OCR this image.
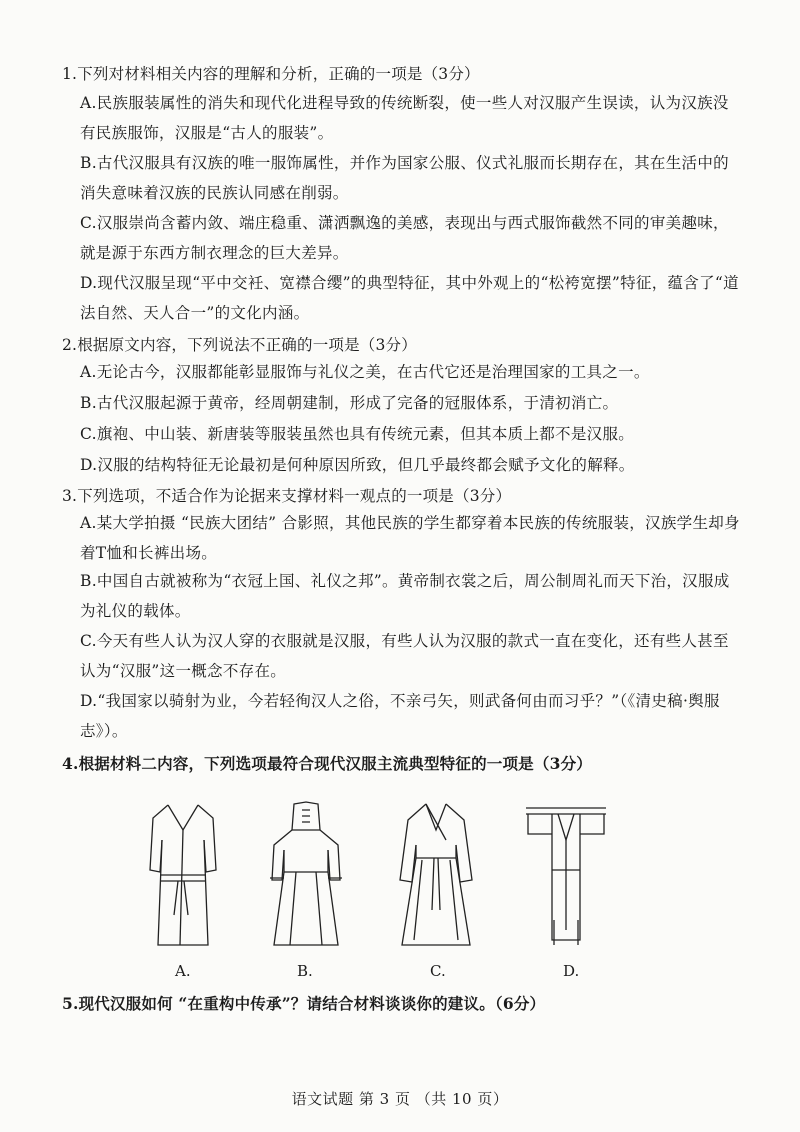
1.下列对材料相关内容的理解和分析，正确的一项是（3分）
A.民族服装属性的消失和现代化进程导致的传统断裂，使一些人对汉服产生误读，认为汉族没有民族服饰，汉服是“古人的服装”。
B.古代汉服具有汉族的唯一服饰属性，并作为国家公服、仪式礼服而长期存在，其在生活中的消失意味着汉族的民族认同感在削弱。
C.汉服崇尚含蓄内敛、端庄稳重、潇洒飘逸的美感，表现出与西式服饰截然不同的审美趣味，就是源于东西方制衣理念的巨大差异。
D.现代汉服呈现“平中交衽、宽襟合缨”的典型特征，其中外观上的“松袴宽摆”特征，蕴含了“道法自然、天人合一”的文化内涵。
2.根据原文内容，下列说法不正确的一项是（3分）
A.无论古今，汉服都能彰显服饰与礼仪之美，在古代它还是治理国家的工具之一。
B.古代汉服起源于黄帝，经周朝建制，形成了完备的冠服体系，于清初消亡。
C.旗袍、中山装、新唐装等服装虽然也具有传统元素，但其本质上都不是汉服。
D.汉服的结构特征无论最初是何种原因所致，但几乎最终都会赋予文化的解释。
3.下列选项，不适合作为论据来支撑材料一观点的一项是（3分）
A.某大学拍摄 “民族大团结” 合影照，其他民族的学生都穿着本民族的传统服装，汉族学生却身着T恤和长裤出场。
B.中国自古就被称为“衣冠上国、礼仪之邦”。黄帝制衣裳之后，周公制周礼而天下治，汉服成为礼仪的载体。
C.今天有些人认为汉人穿的衣服就是汉服，有些人认为汉服的款式一直在变化，还有些人甚至认为“汉服”这一概念不存在。
D.“我国家以骑射为业，今若轻徇汉人之俗，不亲弓矢，则武备何由而习乎？”（《清史稿·舆服志》）。
4.根据材料二内容，下列选项最符合现代汉服主流典型特征的一项是（3分）
A.	B.	C.	D.
5.现代汉服如何 “在重构中传承”？请结合材料谈谈你的建议。（6分）
语文试题 第 3 页 （共 10 页）
